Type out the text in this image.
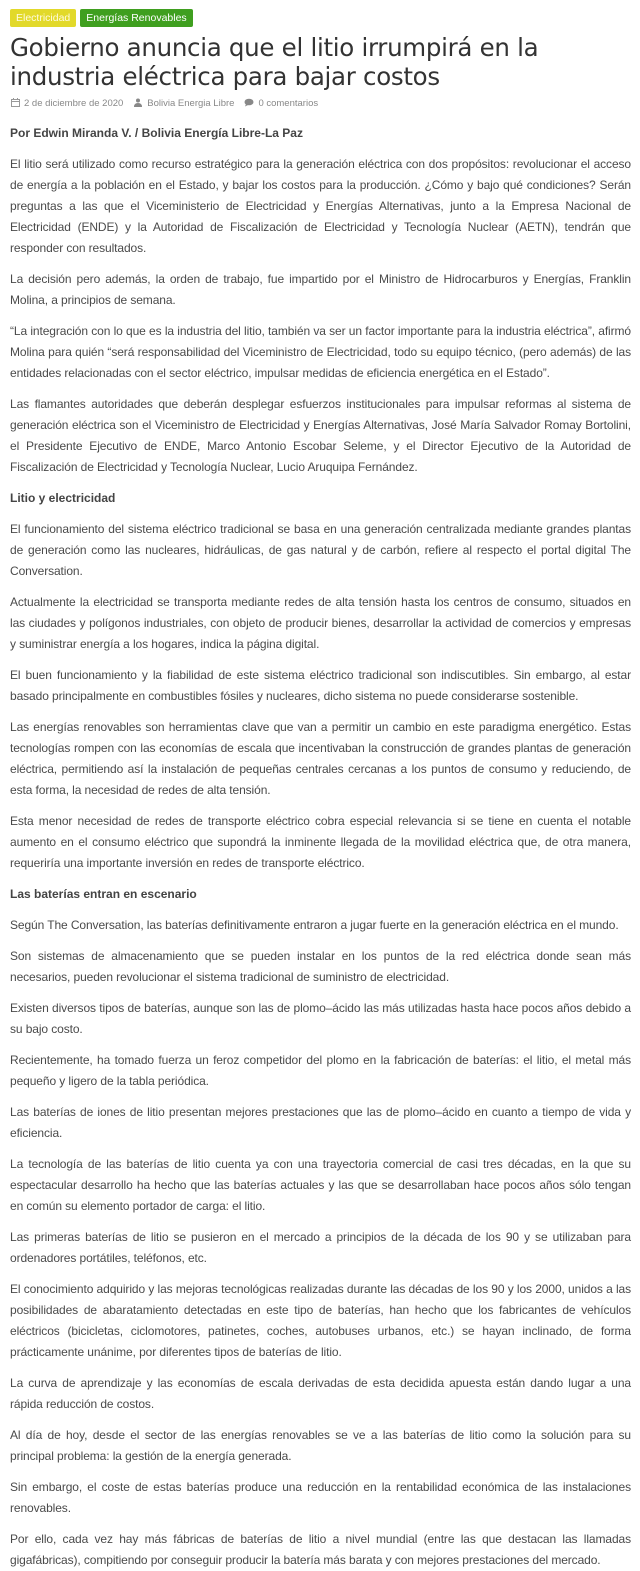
Electricidad	Energías Renovables
Gobierno anuncia que el litio irrumpirá en la industria eléctrica para bajar costos
2 de diciembre de 2020	Bolivia Energia Libre	0 comentarios
Por Edwin Miranda V. / Bolivia Energía Libre-La Paz

El litio será utilizado como recurso estratégico para la generación eléctrica con dos propósitos: revolucionar el acceso de energía a la población en el Estado, y bajar los costos para la producción. ¿Cómo y bajo qué condiciones? Serán preguntas a las que el Viceministerio de Electricidad y Energías Alternativas, junto a la Empresa Nacional de Electricidad (ENDE) y la Autoridad de Fiscalización de Electricidad y Tecnología Nuclear (AETN), tendrán que responder con resultados.

La decisión pero además, la orden de trabajo, fue impartido por el Ministro de Hidrocarburos y Energías, Franklin Molina, a principios de semana.

“La integración con lo que es la industria del litio, también va ser un factor importante para la industria eléctrica”, afirmó Molina para quién “será responsabilidad del Viceministro de Electricidad, todo su equipo técnico, (pero además) de las entidades relacionadas con el sector eléctrico, impulsar medidas de eficiencia energética en el Estado”.

Las flamantes autoridades que deberán desplegar esfuerzos institucionales para impulsar reformas al sistema de generación eléctrica son el Viceministro de Electricidad y Energías Alternativas, José María Salvador Romay Bortolini, el Presidente Ejecutivo de ENDE, Marco Antonio Escobar Seleme, y el Director Ejecutivo de la Autoridad de Fiscalización de Electricidad y Tecnología Nuclear, Lucio Aruquipa Fernández.

Litio y electricidad

El funcionamiento del sistema eléctrico tradicional se basa en una generación centralizada mediante grandes plantas de generación como las nucleares, hidráulicas, de gas natural y de carbón, refiere al respecto el portal digital The Conversation.

Actualmente la electricidad se transporta mediante redes de alta tensión hasta los centros de consumo, situados en las ciudades y polígonos industriales, con objeto de producir bienes, desarrollar la actividad de comercios y empresas y suministrar energía a los hogares, indica la página digital.

El buen funcionamiento y la fiabilidad de este sistema eléctrico tradicional son indiscutibles. Sin embargo, al estar basado principalmente en combustibles fósiles y nucleares, dicho sistema no puede considerarse sostenible.

Las energías renovables son herramientas clave que van a permitir un cambio en este paradigma energético. Estas tecnologías rompen con las economías de escala que incentivaban la construcción de grandes plantas de generación eléctrica, permitiendo así la instalación de pequeñas centrales cercanas a los puntos de consumo y reduciendo, de esta forma, la necesidad de redes de alta tensión.

Esta menor necesidad de redes de transporte eléctrico cobra especial relevancia si se tiene en cuenta el notable aumento en el consumo eléctrico que supondrá la inminente llegada de la movilidad eléctrica que, de otra manera, requeriría una importante inversión en redes de transporte eléctrico.

Las baterías entran en escenario

Según The Conversation, las baterías definitivamente entraron a jugar fuerte en la generación eléctrica en el mundo.

Son sistemas de almacenamiento que se pueden instalar en los puntos de la red eléctrica donde sean más necesarios, pueden revolucionar el sistema tradicional de suministro de electricidad.

Existen diversos tipos de baterías, aunque son las de plomo–ácido las más utilizadas hasta hace pocos años debido a su bajo costo.

Recientemente, ha tomado fuerza un feroz competidor del plomo en la fabricación de baterías: el litio, el metal más pequeño y ligero de la tabla periódica.

Las baterías de iones de litio presentan mejores prestaciones que las de plomo–ácido en cuanto a tiempo de vida y eficiencia.

La tecnología de las baterías de litio cuenta ya con una trayectoria comercial de casi tres décadas, en la que su espectacular desarrollo ha hecho que las baterías actuales y las que se desarrollaban hace pocos años sólo tengan en común su elemento portador de carga: el litio.

Las primeras baterías de litio se pusieron en el mercado a principios de la década de los 90 y se utilizaban para ordenadores portátiles, teléfonos, etc.

El conocimiento adquirido y las mejoras tecnológicas realizadas durante las décadas de los 90 y los 2000, unidos a las posibilidades de abaratamiento detectadas en este tipo de baterías, han hecho que los fabricantes de vehículos eléctricos (bicicletas, ciclomotores, patinetes, coches, autobuses urbanos, etc.) se hayan inclinado, de forma prácticamente unánime, por diferentes tipos de baterías de litio.

La curva de aprendizaje y las economías de escala derivadas de esta decidida apuesta están dando lugar a una rápida reducción de costos.

Al día de hoy, desde el sector de las energías renovables se ve a las baterías de litio como la solución para su principal problema: la gestión de la energía generada.

Sin embargo, el coste de estas baterías produce una reducción en la rentabilidad económica de las instalaciones renovables.

Por ello, cada vez hay más fábricas de baterías de litio a nivel mundial (entre las que destacan las llamadas gigafábricas), compitiendo por conseguir producir la batería más barata y con mejores prestaciones del mercado.
